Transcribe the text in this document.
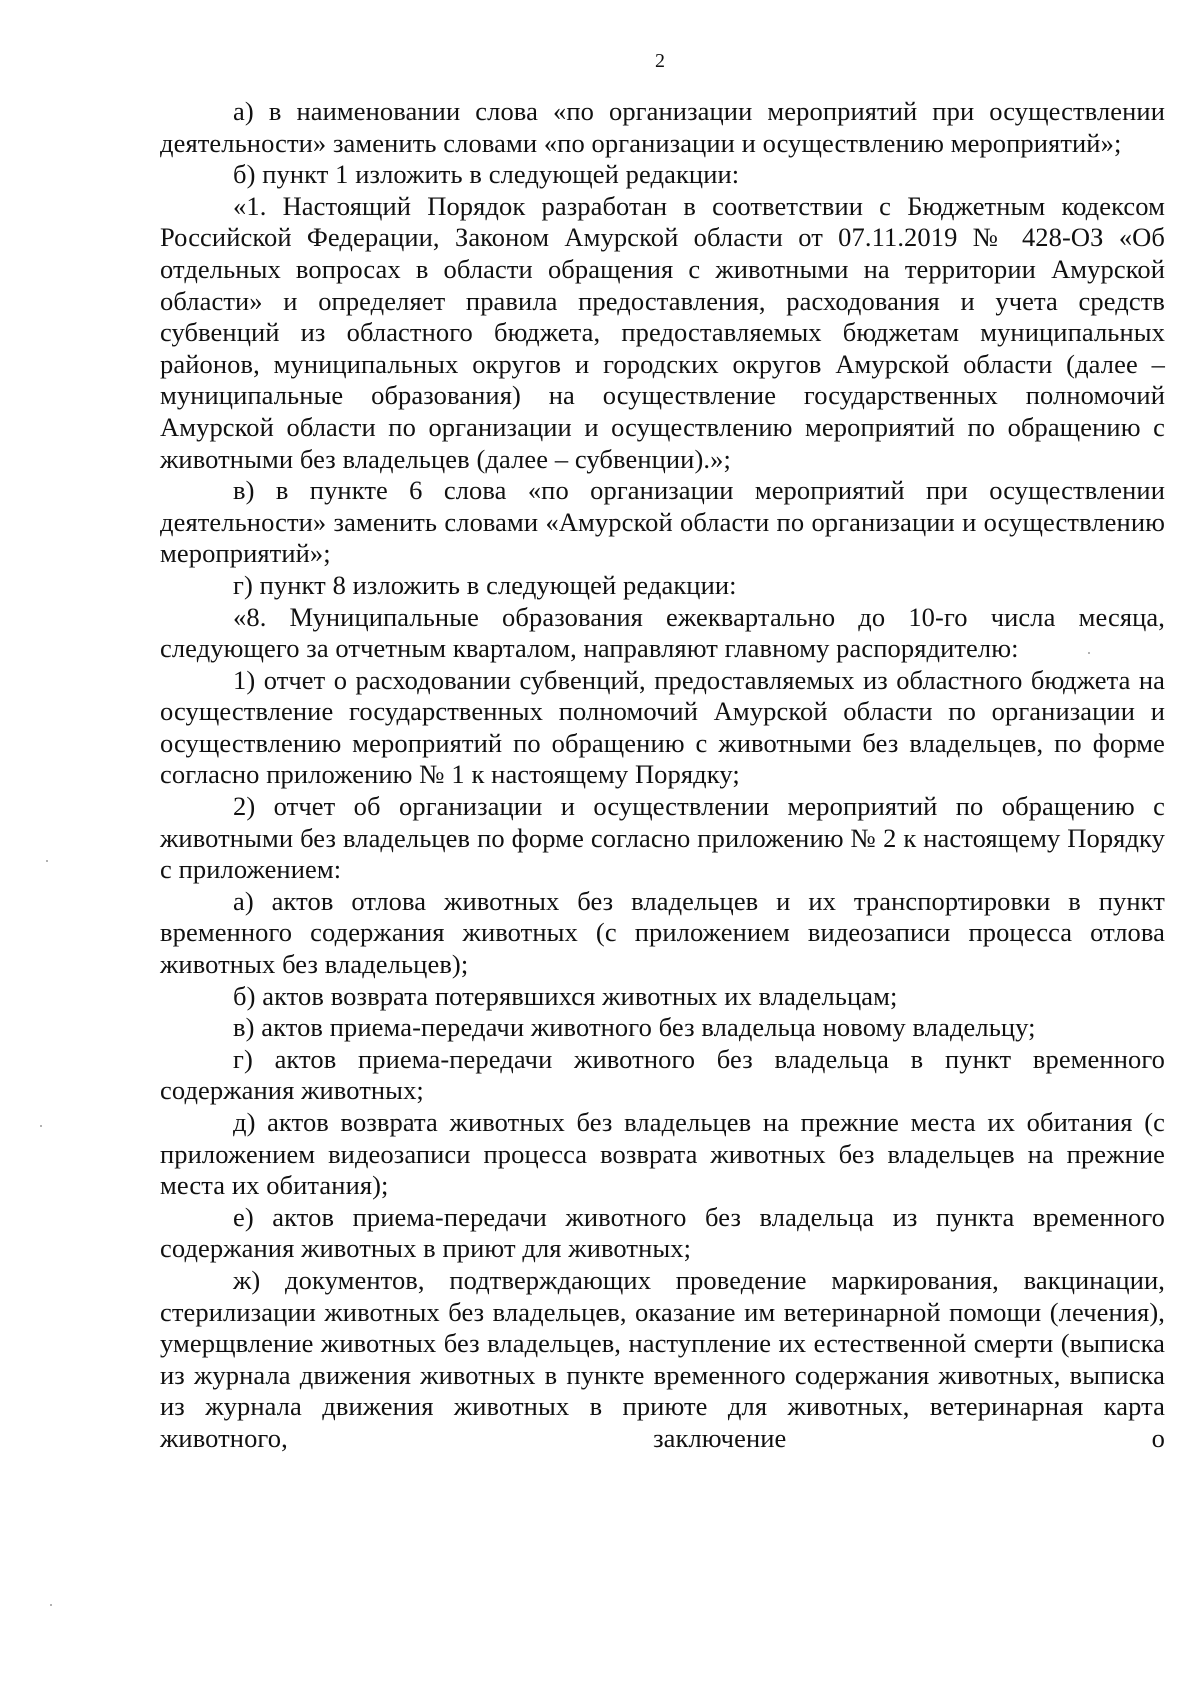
2

а) в наименовании слова «по организации мероприятий при осуществлении деятельности» заменить словами «по организации и осуществлению мероприятий»;

б) пункт 1 изложить в следующей редакции:

«1. Настоящий Порядок разработан в соответствии с Бюджетным кодексом Российской Федерации, Законом Амурской области от 07.11.2019 № 428-ОЗ «Об отдельных вопросах в области обращения с животными на территории Амурской области» и определяет правила предоставления, расходования и учета средств субвенций из областного бюджета, предоставляемых бюджетам муниципальных районов, муниципальных округов и городских округов Амурской области (далее – муниципальные образования) на осуществление государственных полномочий Амурской области по организации и осуществлению мероприятий по обращению с животными без владельцев (далее – субвенции).»;

в) в пункте 6 слова «по организации мероприятий при осуществлении деятельности» заменить словами «Амурской области по организации и осуществлению мероприятий»;

г) пункт 8 изложить в следующей редакции:

«8. Муниципальные образования ежеквартально до 10-го числа месяца, следующего за отчетным кварталом, направляют главному распорядителю:

1) отчет о расходовании субвенций, предоставляемых из областного бюджета на осуществление государственных полномочий Амурской области по организации и осуществлению мероприятий по обращению с животными без владельцев, по форме согласно приложению № 1 к настоящему Порядку;

2) отчет об организации и осуществлении мероприятий по обращению с животными без владельцев по форме согласно приложению № 2 к настоящему Порядку с приложением:

а) актов отлова животных без владельцев и их транспортировки в пункт временного содержания животных (с приложением видеозаписи процесса отлова животных без владельцев);

б) актов возврата потерявшихся животных их владельцам;

в) актов приема-передачи животного без владельца новому владельцу;

г) актов приема-передачи животного без владельца в пункт временного содержания животных;

д) актов возврата животных без владельцев на прежние места их обитания (с приложением видеозаписи процесса возврата животных без владельцев на прежние места их обитания);

е) актов приема-передачи животного без владельца из пункта временного содержания животных в приют для животных;

ж) документов, подтверждающих проведение маркирования, вакцинации, стерилизации животных без владельцев, оказание им ветеринарной помощи (лечения), умерщвление животных без владельцев, наступление их естественной смерти (выписка из журнала движения животных в пункте временного содержания животных, выписка из журнала движения животных в приюте для животных, ветеринарная карта животного, заключение о
